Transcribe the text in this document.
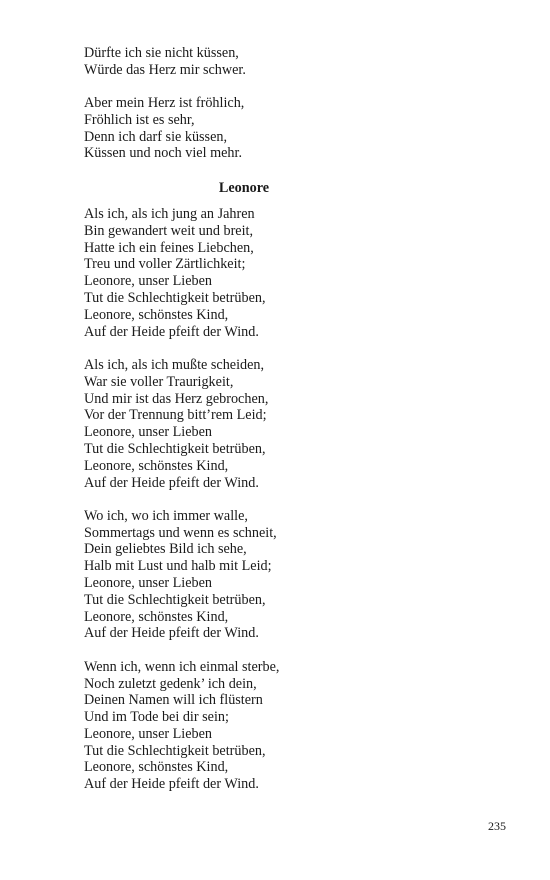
Dürfte ich sie nicht küssen,
Würde das Herz mir schwer.
Aber mein Herz ist fröhlich,
Fröhlich ist es sehr,
Denn ich darf sie küssen,
Küssen und noch viel mehr.
Leonore
Als ich, als ich jung an Jahren
Bin gewandert weit und breit,
Hatte ich ein feines Liebchen,
Treu und voller Zärtlichkeit;
Leonore, unser Lieben
Tut die Schlechtigkeit betrüben,
Leonore, schönstes Kind,
Auf der Heide pfeift der Wind.
Als ich, als ich mußte scheiden,
War sie voller Traurigkeit,
Und mir ist das Herz gebrochen,
Vor der Trennung bitt’rem Leid;
Leonore, unser Lieben
Tut die Schlechtigkeit betrüben,
Leonore, schönstes Kind,
Auf der Heide pfeift der Wind.
Wo ich, wo ich immer walle,
Sommertags und wenn es schneit,
Dein geliebtes Bild ich sehe,
Halb mit Lust und halb mit Leid;
Leonore, unser Lieben
Tut die Schlechtigkeit betrüben,
Leonore, schönstes Kind,
Auf der Heide pfeift der Wind.
Wenn ich, wenn ich einmal sterbe,
Noch zuletzt gedenk’ ich dein,
Deinen Namen will ich flüstern
Und im Tode bei dir sein;
Leonore, unser Lieben
Tut die Schlechtigkeit betrüben,
Leonore, schönstes Kind,
Auf der Heide pfeift der Wind.
235
